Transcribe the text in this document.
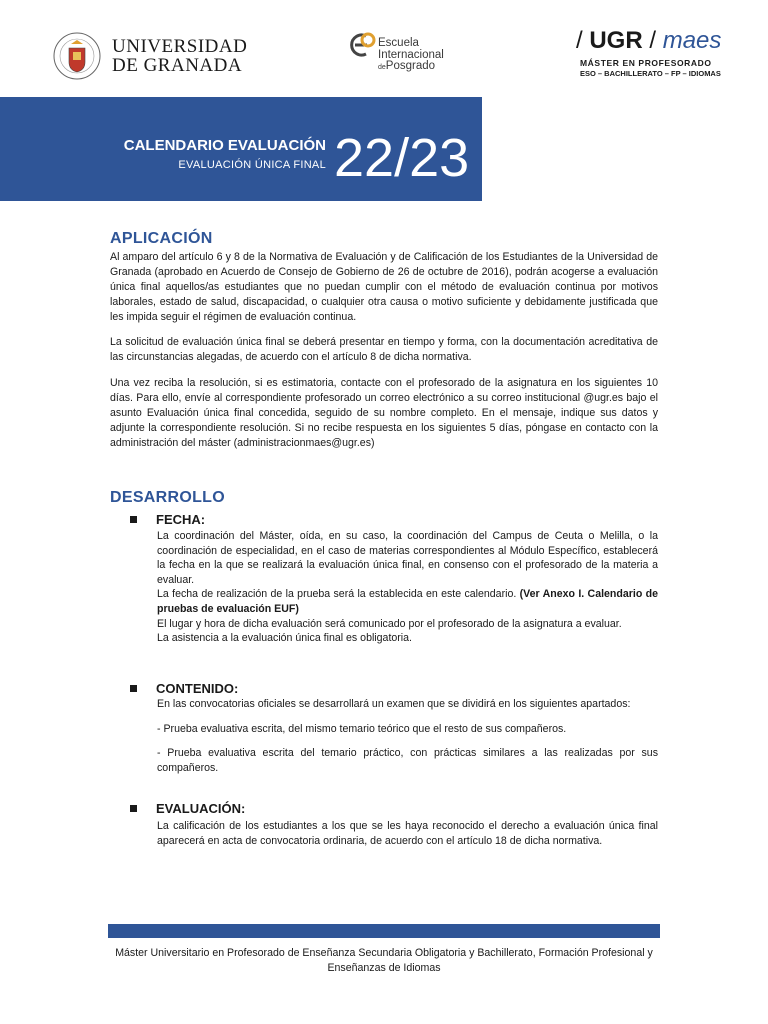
UNIVERSIDAD
DE GRANADA
Escuela
Internacional
dePosgrado
/ UGR / maes
MÁSTER EN PROFESORADO
ESO – BACHILLERATO – FP – IDIOMAS
CALENDARIO EVALUACIÓN
EVALUACIÓN ÚNICA FINAL 22/23
APLICACIÓN

Al amparo del artículo 6 y 8 de la Normativa de Evaluación y de Calificación de los Estudiantes de la Universidad de Granada (aprobado en Acuerdo de Consejo de Gobierno de 26 de octubre de 2016), podrán acogerse a evaluación única final aquellos/as estudiantes que no puedan cumplir con el método de evaluación continua por motivos laborales, estado de salud, discapacidad, o cualquier otra causa o motivo suficiente y debidamente justificada que les impida seguir el régimen de evaluación continua.

La solicitud de evaluación única final se deberá presentar en tiempo y forma, con la documentación acreditativa de las circunstancias alegadas, de acuerdo con el artículo 8 de dicha normativa.

Una vez reciba la resolución, si es estimatoria, contacte con el profesorado de la asignatura en los siguientes 10 días. Para ello, envíe al correspondiente profesorado un correo electrónico a su correo institucional @ugr.es bajo el asunto Evaluación única final concedida, seguido de su nombre completo. En el mensaje, indique sus datos y adjunte la correspondiente resolución. Si no recibe respuesta en los siguientes 5 días, póngase en contacto con la administración del máster (administracionmaes@ugr.es)

DESARROLLO
FECHA:

La coordinación del Máster, oída, en su caso, la coordinación del Campus de Ceuta o Melilla, o la coordinación de especialidad, en el caso de materias correspondientes al Módulo Específico, establecerá la fecha en la que se realizará la evaluación única final, en consenso con el profesorado de la materia a evaluar.

La fecha de realización de la prueba será la establecida en este calendario. (Ver Anexo I. Calendario de pruebas de evaluación EUF)

El lugar y hora de dicha evaluación será comunicado por el profesorado de la asignatura a evaluar.

La asistencia a la evaluación única final es obligatoria.

CONTENIDO:

En las convocatorias oficiales se desarrollará un examen que se dividirá en los siguientes apartados:

- Prueba evaluativa escrita, del mismo temario teórico que el resto de sus compañeros.

- Prueba evaluativa escrita del temario práctico, con prácticas similares a las realizadas por sus compañeros.

EVALUACIÓN:

La calificación de los estudiantes a los que se les haya reconocido el derecho a evaluación única final aparecerá en acta de convocatoria ordinaria, de acuerdo con el artículo 18 de dicha normativa.

Máster Universitario en Profesorado de Enseñanza Secundaria Obligatoria y Bachillerato, Formación Profesional y Enseñanzas de Idiomas
